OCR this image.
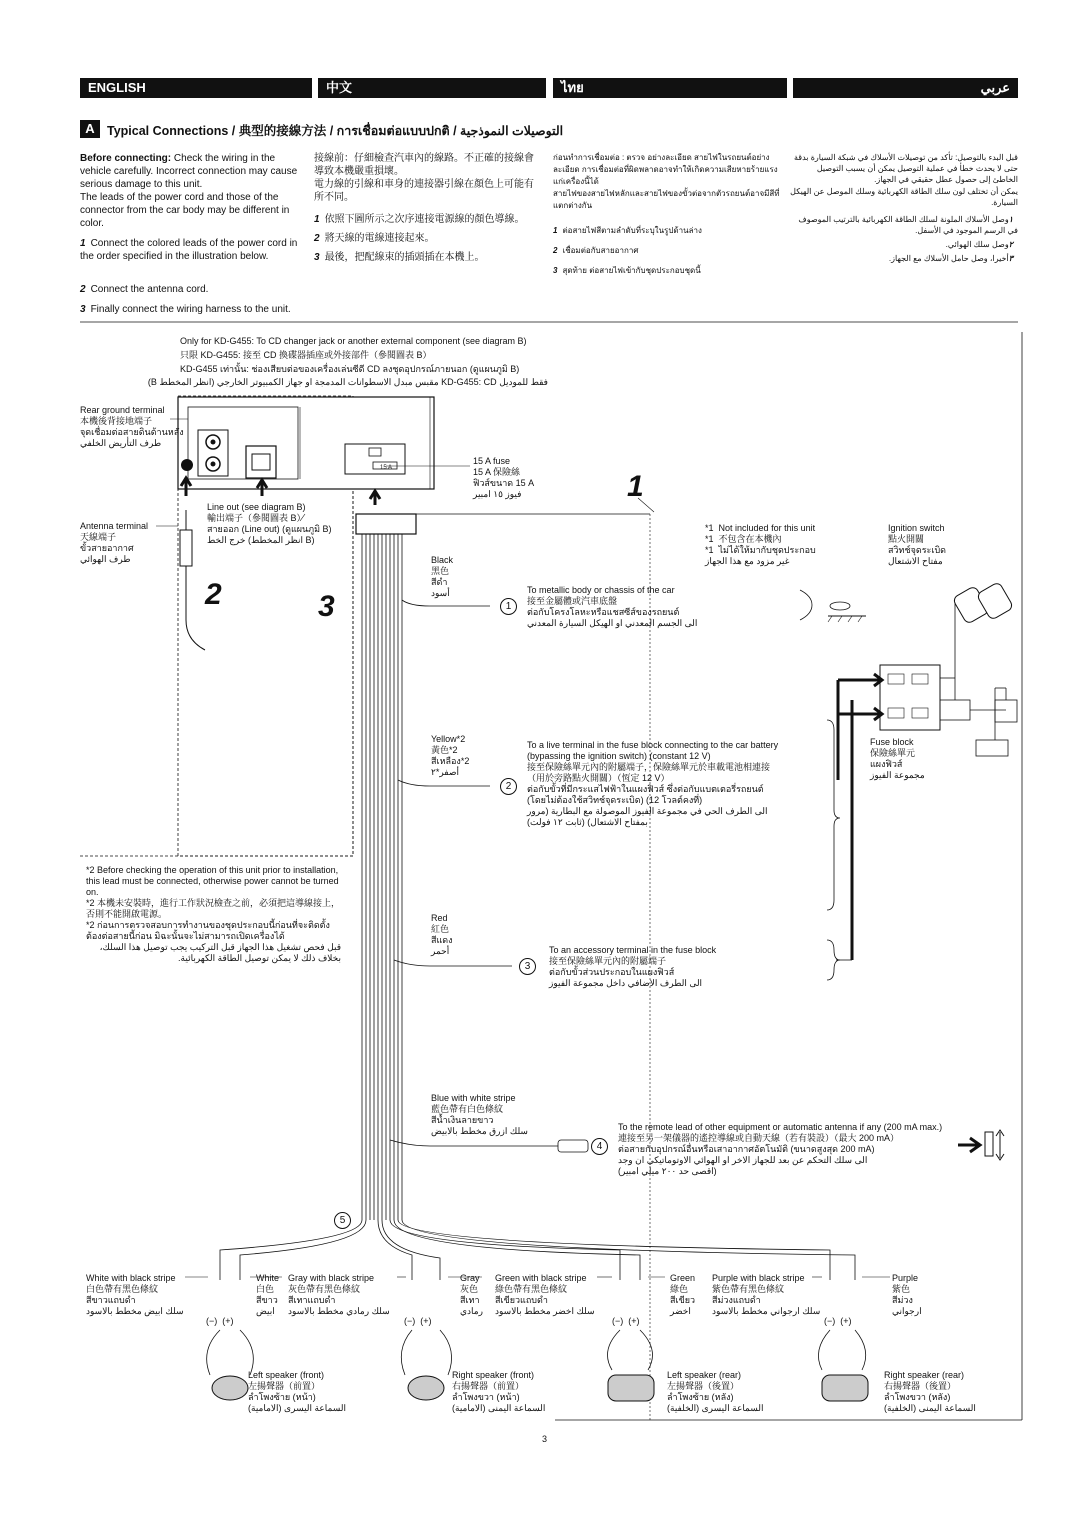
ENGLISH	中文	ไทย	عربي
A Typical Connections / 典型的接線方法 / การเชื่อมต่อแบบปกติ / التوصيلات النموذجية
Before connecting: Check the wiring in the vehicle carefully. Incorrect connection may cause serious damage to this unit.
The leads of the power cord and those of the connector from the car body may be different in color.
1 Connect the colored leads of the power cord in the order specified in the illustration below.
2 Connect the antenna cord.
3 Finally connect the wiring harness to the unit.
接線前：仔細檢查汽車內的線路。不正確的接線會導致本機嚴重損壞。
電力線的引線和車身的連接器引線在顏色上可能有所不同。
1 依照下圖所示之次序連接電源線的顏色導線。
2 將天線的電線連接起來。
3 最後，把配線束的插頭插在本機上。
ก่อนทำการเชื่อมต่อ : ตรวจ อย่างละเอียด สายไฟในรถยนต์อย่างละเอียด การเชื่อมต่อที่ผิดพลาดอาจทำให้เกิดความเสียหายร้ายแรงแก่เครื่องนี้ได้
สายไฟของสายไฟหลักและสายไฟของขั้วต่อจากตัวรถยนต์อาจมีสีที่แตกต่างกัน
1 ต่อสายไฟสีตามลำดับที่ระบุในรูปด้านล่าง
2 เชื่อมต่อกับสายอากาศ
3 สุดท้าย ต่อสายไฟเข้ากับชุดประกอบชุดนี้
قبل البدء بالتوصيل: تأكد من توصيلات الأسلاك في شبكة السيارة بدقة حتى لا يحدث خطأ في عملية التوصيل يمكن أن يسبب التوصيل الخاطئ إلى حصول عطل حقيقي في الجهاز.
يمكن أن تختلف لون سلك الطاقة الكهربائية وسلك الموصل عن الهيكل السيارة.
١وصل الأسلاك الملونة لسلك الطاقة الكهربائية بالترتيب الموصوف في الرسم الموجود في الأسفل.
٢وصل سلك الهوائي.
٣أخيرا، وصل حامل الأسلاك مع الجهاز.
Only for KD-G455: To CD changer jack or another external component (see diagram B)
只限 KD-G455: 接至 CD 換碟器插座或外接部件（參閱圖表 B）
KD-G455 เท่านั้น: ช่องเสียบต่อของเครื่องเล่นซีดี CD ลงชุดอุปกรณ์ภายนอก (ดูแผนภูมิ B)
فقط للموديل KD-G455: CD مقبس مبدل الاسطوانات المدمجة او جهاز الكمبيوتر الخارجي (انظر المخطط B)
Rear ground terminal
本機後背接地端子
จุดเชื่อมต่อสายดินด้านหลัง
طرف التأريض الخلفي
Antenna terminal
天線端子
ขั้วสายอากาศ
طرف الهوائي
Line out (see diagram B)
輸出端子（參閱圖表 B）
สายออก (Line out) (ดูแผนภูมิ B)
خرج الخط (انظر المخطط B)
15 A
15 A fuse
15 A 保險絲
ฟิวส์ขนาด 15 A
فيوز ١٥ امبير	1
2	3
*1 Not included for this unit
*1 不包含在本機內
*1 ไม่ได้ให้มากับชุดประกอบ
غير مزود مع هذا الجهاز
Ignition switch
點火開關
สวิทช์จุดระเบิด
مفتاح الاشتعال
Fuse block
保險絲單元
แผงฟิวส์
مجموعة الفيوز
Black
黑色
สีดำ
أسود
1
To metallic body or chassis of the car
接至金屬體或汽車底盤
ต่อกับโครงโลหะหรือแชสซีส์ของรถยนต์
الى الجسم المعدني او الهيكل السيارة المعدني
Yellow*2
黃色*2
สีเหลือง*2
أصفر*٢
2
To a live terminal in the fuse block connecting to the car battery
(bypassing the ignition switch) (constant 12 V)
接至保險絲單元內的附屬端子，保險絲單元於車載電池相連接
（用於旁路點火開關）（恆定 12 V）
ต่อกับขั้วที่มีกระแสไฟฟ้าในแผงฟิวส์ ซึ่งต่อกับแบตเตอรี่รถยนต์
(โดยไม่ต้องใช้สวิทช์จุดระเบิด) (12 โวลต์คงที่)
الى الطرف الحي في مجموعة الفيوز الموصولة مع البطارية (مرور
بمفتاح الاشتعال) (ثابت ١٢ فولت)
Red
紅色
สีแดง
أحمر
3
To an accessory terminal in the fuse block
接至保險絲單元內的附屬端子
ต่อกับขั้วส่วนประกอบในแผงฟิวส์
الى الطرف الاضافي داخل مجموعة الفيوز
Blue with white stripe
藍色帶有白色條紋
สีน้ำเงินลายขาว
سلك ازرق مخطط بالابيض
4
To the remote lead of other equipment or automatic antenna if any (200 mA max.)
連接至另一架儀器的遙控導線或自動天線（若有裝設）（最大 200 mA）
ต่อสายกับอุปกรณ์อื่นหรือเสาอากาศอัตโนมัติ (ขนาดสูงสุด 200 mA)
الى سلك التحكم عن بعد للجهاز الاخر او الهوائي الاوتوماتيكي ان وجد
(اقصى حد ٢٠٠ ميلي امبير)
5
*2 Before checking the operation of this unit prior to installation, this lead must be connected, otherwise power cannot be turned on.
*2 本機未安裝時，進行工作狀況檢查之前，必須把這導線接上，否則不能開啟電源。
*2 ก่อนการตรวจสอบการทำงานของชุดประกอบนี้ก่อนที่จะติดตั้ง ต้องต่อสายนี้ก่อน มิฉะนั้นจะไม่สามารถเปิดเครื่องได้
قبل فحص تشغيل هذا الجهاز قبل التركيب يجب توصيل هذا السلك، بخلاف ذلك لا يمكن توصيل الطاقة الكهربائية.
White with black stripe
白色帶有黑色條紋
สีขาวแถบดำ
سلك ابيض مخطط بالاسود
White
白色
สีขาว
ابيض
Gray with black stripe
灰色帶有黑色條紋
สีเทาแถบดำ
سلك رمادي مخطط بالاسود
Gray
灰色
สีเทา
رمادي
Green with black stripe
綠色帶有黑色條紋
สีเขียวแถบดำ
سلك اخضر مخطط بالاسود
Green
綠色
สีเขียว
اخضر
Purple with black stripe
紫色帶有黑色條紋
สีม่วงแถบดำ
سلك ارجواني مخطط بالاسود
Purple
紫色
สีม่วง
ارجواني
(−) (+)	(−) (+)	(−) (+)	(−) (+)
Left speaker (front)
左揚聲器（前置）
ลำโพงซ้าย (หน้า)
السماعة اليسرى (الامامية)
Right speaker (front)
右揚聲器（前置）
ลำโพงขวา (หน้า)
السماعة اليمنى (الامامية)
Left speaker (rear)
左揚聲器（後置）
ลำโพงซ้าย (หลัง)
السماعة اليسرى (الخلفية)
Right speaker (rear)
右揚聲器（後置）
ลำโพงขวา (หลัง)
السماعة اليمنى (الخلفية)
3
